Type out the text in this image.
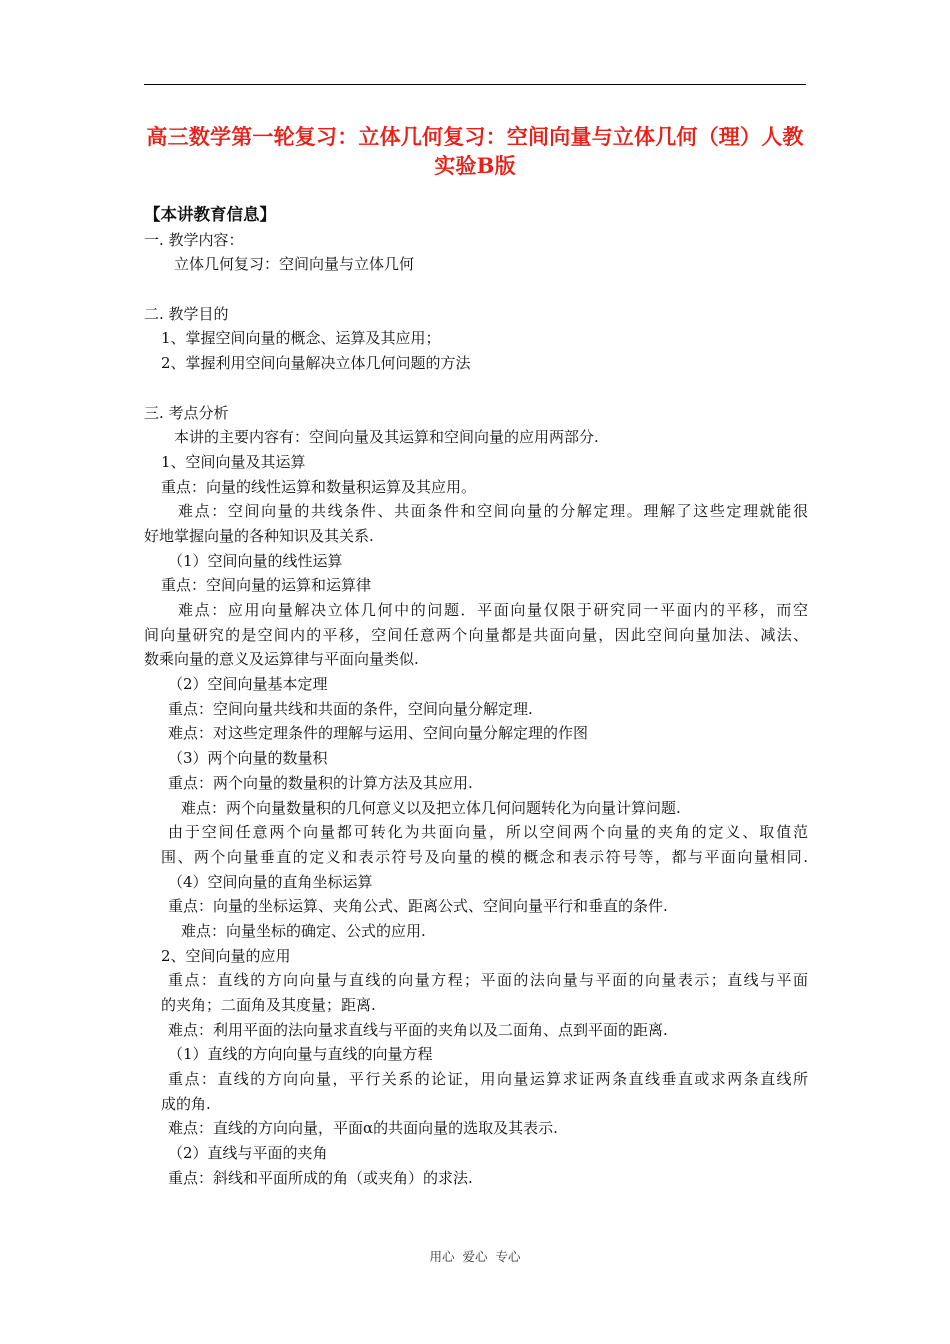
高三数学第一轮复习：立体几何复习：空间向量与立体几何（理）人教
实验B版
【本讲教育信息】
一. 教学内容：
立体几何复习：空间向量与立体几何
二. 教学目的
1、掌握空间向量的概念、运算及其应用；
2、掌握利用空间向量解决立体几何问题的方法
三. 考点分析
本讲的主要内容有：空间向量及其运算和空间向量的应用两部分.
1、空间向量及其运算
重点：向量的线性运算和数量积运算及其应用。
难点：空间向量的共线条件、共面条件和空间向量的分解定理。理解了这些定理就能很
好地掌握向量的各种知识及其关系.
（1）空间向量的线性运算
重点：空间向量的运算和运算律
难点：应用向量解决立体几何中的问题．平面向量仅限于研究同一平面内的平移，而空
间向量研究的是空间内的平移，空间任意两个向量都是共面向量，因此空间向量加法、减法、
数乘向量的意义及运算律与平面向量类似.
（2）空间向量基本定理
重点：空间向量共线和共面的条件，空间向量分解定理.
难点：对这些定理条件的理解与运用、空间向量分解定理的作图
（3）两个向量的数量积
重点：两个向量的数量积的计算方法及其应用.
难点：两个向量数量积的几何意义以及把立体几何问题转化为向量计算问题.
由于空间任意两个向量都可转化为共面向量，所以空间两个向量的夹角的定义、取值范
围、两个向量垂直的定义和表示符号及向量的模的概念和表示符号等，都与平面向量相同.
（4）空间向量的直角坐标运算
重点：向量的坐标运算、夹角公式、距离公式、空间向量平行和垂直的条件.
难点：向量坐标的确定、公式的应用.
2、空间向量的应用
重点：直线的方向向量与直线的向量方程；平面的法向量与平面的向量表示；直线与平面
的夹角；二面角及其度量；距离.
难点：利用平面的法向量求直线与平面的夹角以及二面角、点到平面的距离.
（1）直线的方向向量与直线的向量方程
重点：直线的方向向量，平行关系的论证，用向量运算求证两条直线垂直或求两条直线所
成的角.
难点：直线的方向向量，平面α的共面向量的选取及其表示.
（2）直线与平面的夹角
重点：斜线和平面所成的角（或夹角）的求法.
用心 爱心 专心
